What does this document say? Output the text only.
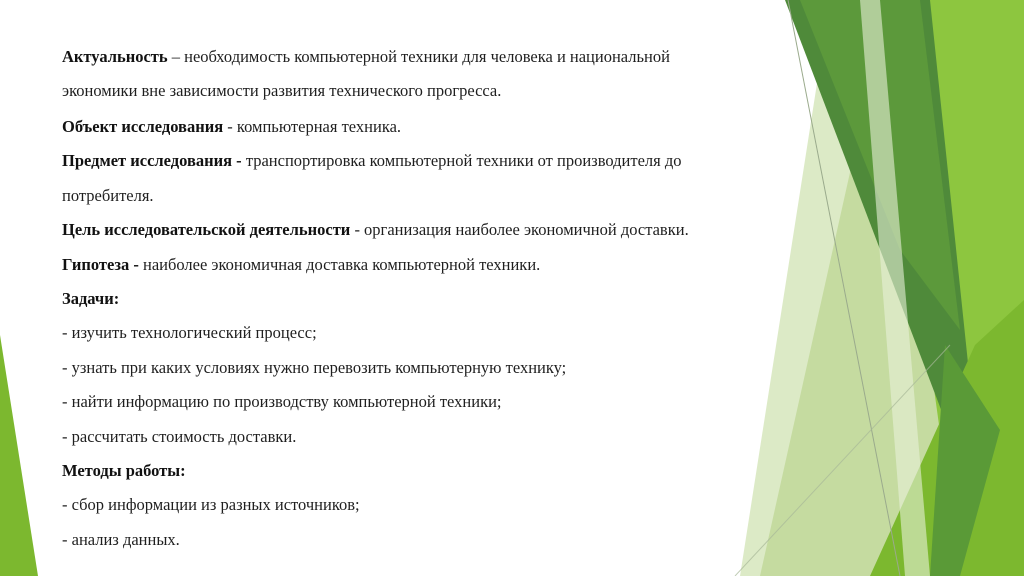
Актуальность – необходимость компьютерной техники для человека и национальной
экономики вне зависимости развития технического прогресса.
Объект исследования - компьютерная техника.
Предмет исследования - транспортировка компьютерной техники от производителя до
потребителя.
Цель исследовательской деятельности - организация наиболее экономичной доставки.
Гипотеза - наиболее экономичная доставка компьютерной техники.
Задачи:
- изучить технологический процесс;
- узнать при каких условиях нужно перевозить компьютерную технику;
- найти информацию по производству компьютерной техники;
- рассчитать стоимость доставки.
Методы работы:
- сбор информации из разных источников;
- анализ данных.
